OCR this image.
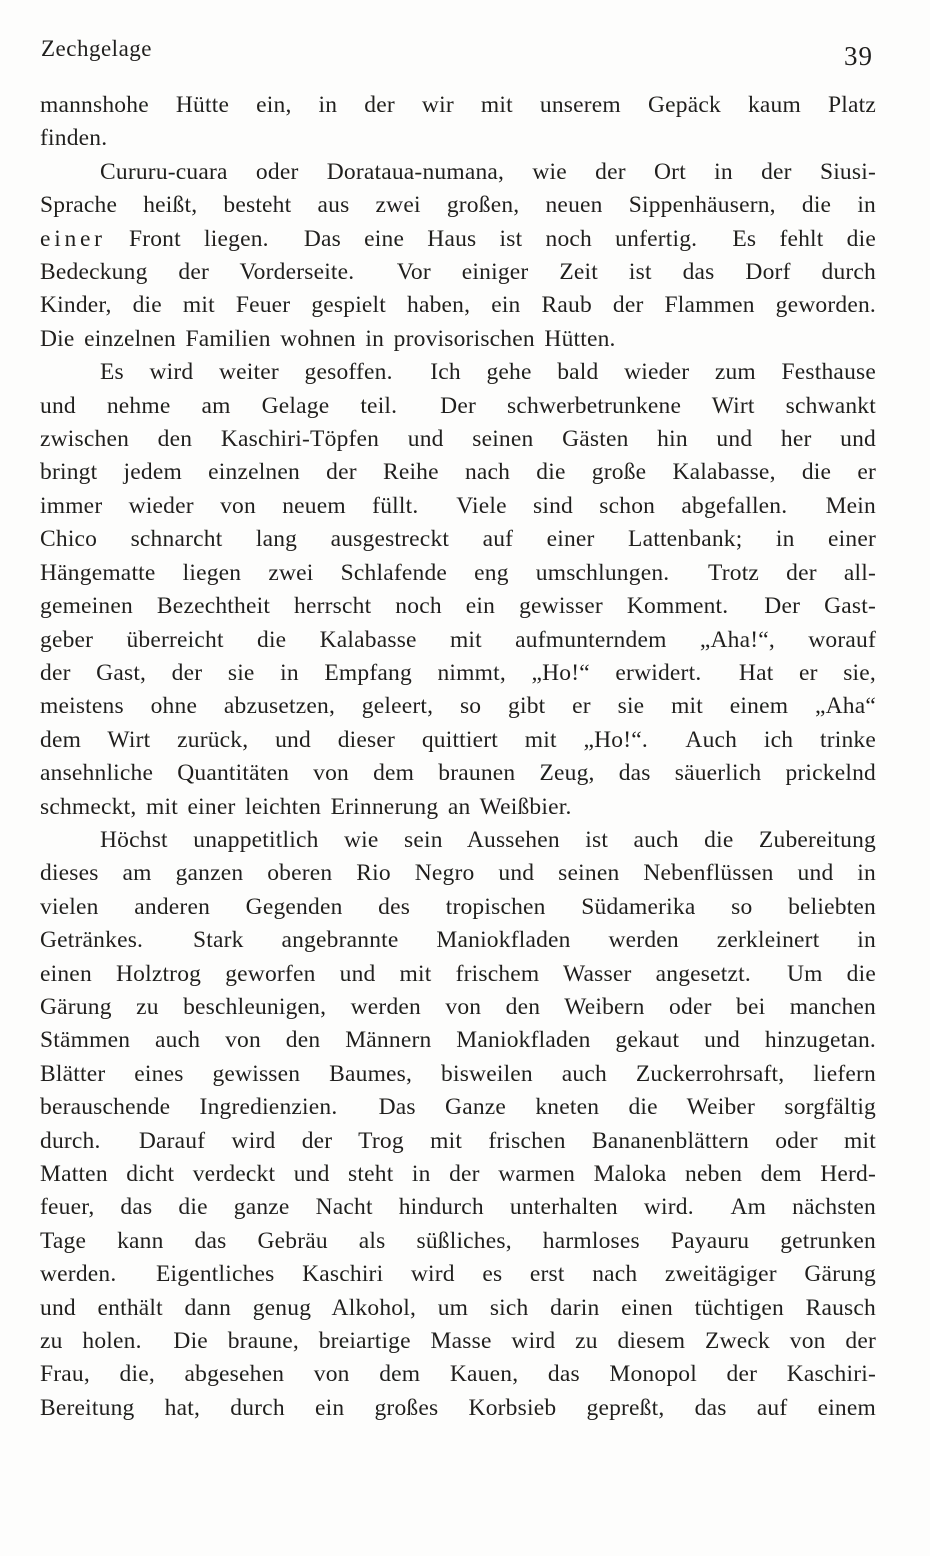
Zechgelage	39
mannshohe Hütte ein, in der wir mit unserem Gepäck kaum Platz
finden.
Cururu-cuara oder Dorataua-numana, wie der Ort in der Siusi-
Sprache heißt, besteht aus zwei großen, neuen Sippenhäusern, die in
einer Front liegen.  Das eine Haus ist noch unfertig.  Es fehlt die
Bedeckung der Vorderseite.  Vor einiger Zeit ist das Dorf durch
Kinder, die mit Feuer gespielt haben, ein Raub der Flammen geworden.
Die einzelnen Familien wohnen in provisorischen Hütten.
Es wird weiter gesoffen.  Ich gehe bald wieder zum Festhause
und nehme am Gelage teil.  Der schwerbetrunkene Wirt schwankt
zwischen den Kaschiri-Töpfen und seinen Gästen hin und her und
bringt jedem einzelnen der Reihe nach die große Kalabasse, die er
immer wieder von neuem füllt.  Viele sind schon abgefallen.  Mein
Chico schnarcht lang ausgestreckt auf einer Lattenbank; in einer
Hängematte liegen zwei Schlafende eng umschlungen.  Trotz der all-
gemeinen Bezechtheit herrscht noch ein gewisser Komment.  Der Gast-
geber überreicht die Kalabasse mit aufmunterndem „Aha!“, worauf
der Gast, der sie in Empfang nimmt, „Ho!“ erwidert.  Hat er sie,
meistens ohne abzusetzen, geleert, so gibt er sie mit einem „Aha“
dem Wirt zurück, und dieser quittiert mit „Ho!“.  Auch ich trinke
ansehnliche Quantitäten von dem braunen Zeug, das säuerlich prickelnd
schmeckt, mit einer leichten Erinnerung an Weißbier.
Höchst unappetitlich wie sein Aussehen ist auch die Zubereitung
dieses am ganzen oberen Rio Negro und seinen Nebenflüssen und in
vielen anderen Gegenden des tropischen Südamerika so beliebten
Getränkes.  Stark angebrannte Maniokfladen werden zerkleinert in
einen Holztrog geworfen und mit frischem Wasser angesetzt.  Um die
Gärung zu beschleunigen, werden von den Weibern oder bei manchen
Stämmen auch von den Männern Maniokfladen gekaut und hinzugetan.
Blätter eines gewissen Baumes, bisweilen auch Zuckerrohrsaft, liefern
berauschende Ingredienzien.  Das Ganze kneten die Weiber sorgfältig
durch.  Darauf wird der Trog mit frischen Bananenblättern oder mit
Matten dicht verdeckt und steht in der warmen Maloka neben dem Herd-
feuer, das die ganze Nacht hindurch unterhalten wird.  Am nächsten
Tage kann das Gebräu als süßliches, harmloses Payauru getrunken
werden.  Eigentliches Kaschiri wird es erst nach zweitägiger Gärung
und enthält dann genug Alkohol, um sich darin einen tüchtigen Rausch
zu holen.  Die braune, breiartige Masse wird zu diesem Zweck von der
Frau, die, abgesehen von dem Kauen, das Monopol der Kaschiri-
Bereitung hat, durch ein großes Korbsieb gepreßt, das auf einem
